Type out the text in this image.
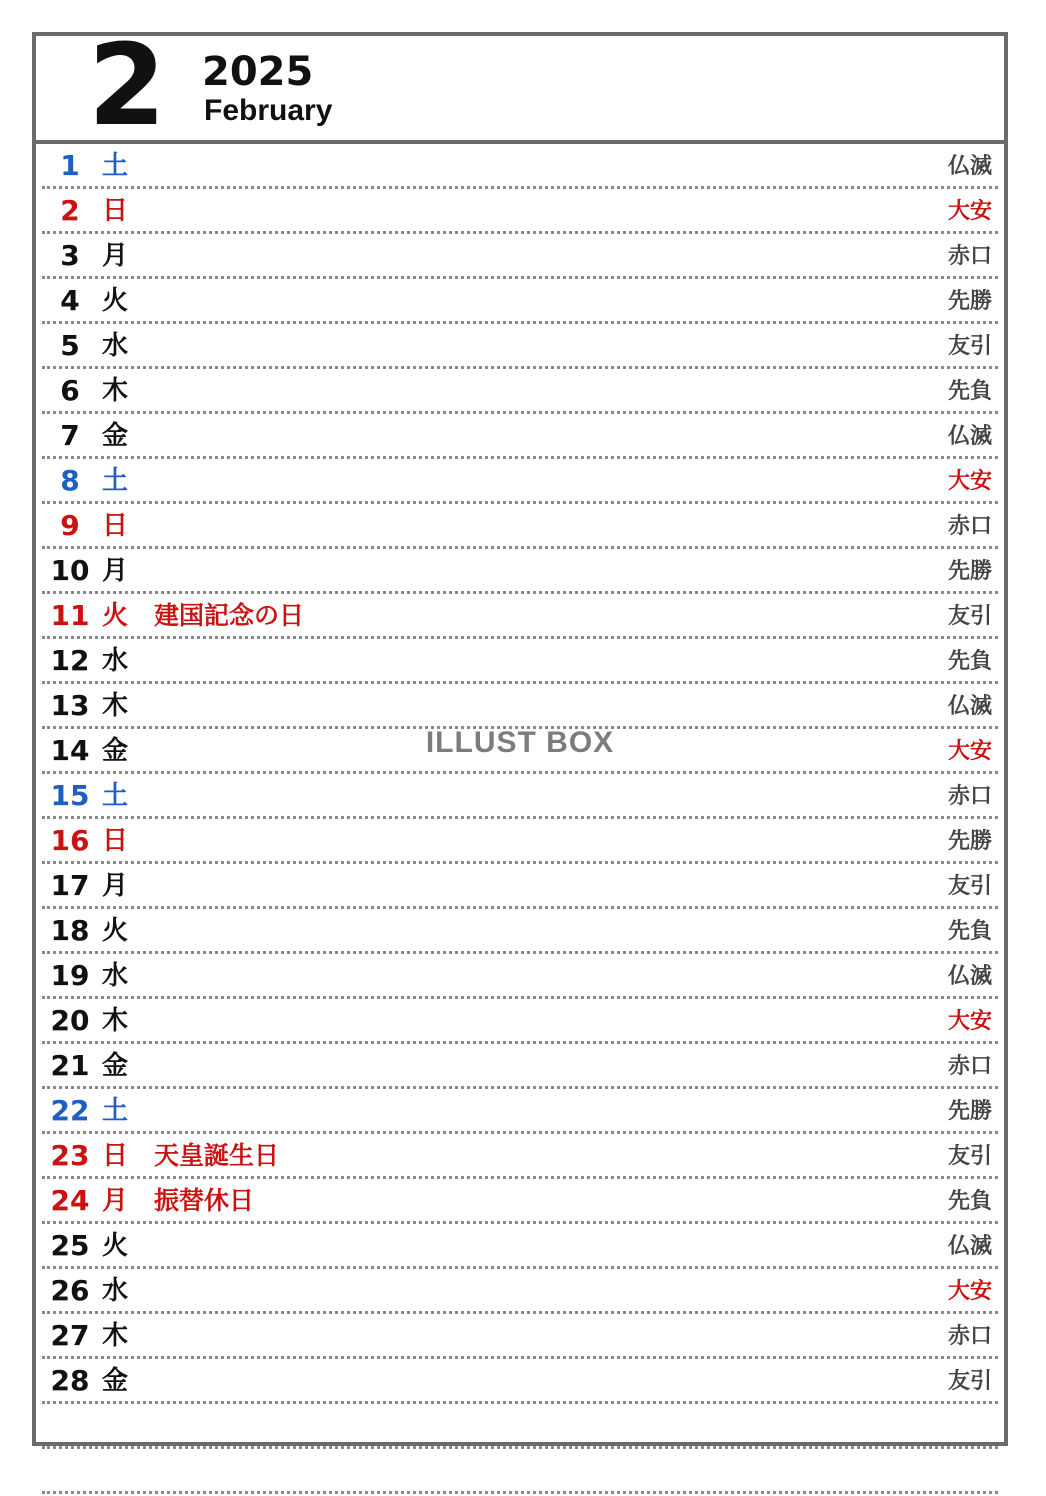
2 2025
February
1 土	仏滅
2 日	大安
3 月	赤口
4 火	先勝
5 水	友引
6 木	先負
7 金	仏滅
8 土	大安
9 日	赤口
10 月	先勝
11 火 建国記念の日	友引
12 水	先負
13 木	仏滅
14 金	大安
15 土	赤口
16 日	先勝
17 月	友引
18 火	先負
19 水	仏滅
20 木	大安
21 金	赤口
22 土	先勝
23 日 天皇誕生日	友引
24 月 振替休日	先負
25 火	仏滅
26 水	大安
27 木	赤口
28 金	友引
ILLUST BOX
